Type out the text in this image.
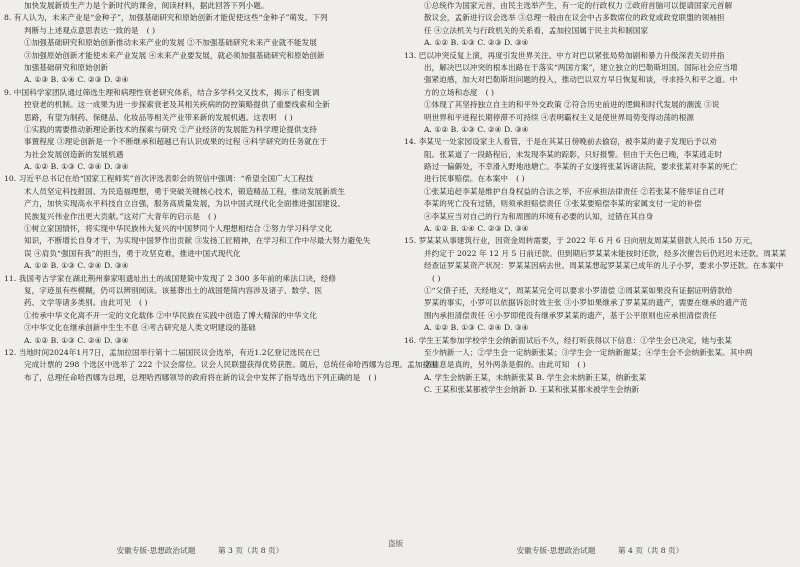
加快发展新质生产力是个新时代的课舍，阅读材料，据此回答下列小题。
8. 有人认为，未来产业是“金种子”，加强基础研究和原始创新才能促使这些“金种子”萌发。下列
判断与上述观点意思表达一致的是 ( )
①加强基础研究和原始创新推动未来产业的发展 ②不加强基础研究未来产业就不能发展
③加强原始创新才能使未来产业发展 ④未来产业要发展，就必须加强基础研究和原始创新
加强基础研究和原始创新
A. ①③ B. ①④ C. ②③ D. ②④
9. 中国科学家团队通过筛选生理和病理性衰老研究体系，结合多学科交叉技术，揭示了相变调
控衰老的机制。这一成果为进一步探索衰老及其相关疾病的防控策略提供了重要线索和全新
思路，有望为制药、保健品、化妆品等相关产业带来新的发展机遇。这表明 ( )
①实践的需要推动新理论新技术的探索与研究 ②产业经济的发展能为科学理论提供支持
事置程度 ③理论创新是一个不断继承和超越已有认识成果的过程 ④科学研究的任务就在于
为社会发展创造新的发展机遇
A. ①② B. ①③ C. ②④ D. ③④
10. 习近平总书记在给“国家工程师奖”首次评选表彰会的贺信中强调：“希望全国广大工程技
术人员坚定科技报国、为民造福理想，勇于突破关键核心技术，锻造精品工程，推动发展新质生
产力，加快实现高水平科技自立自强，服务高质量发展，为以中国式现代化全面推进强国建设、
民族复兴伟业作出更大贡献。”这对广大青年的启示是 ( )
①树立家国情怀，将实现中华民族伟大复兴的中国梦同个人理想相结合 ②努力学习科学文化
知识，不断增长自身才干，为实现中国梦作出贡献 ③发扬工匠精神，在学习和工作中尽最大努力避免失
误 ④肩负“强国有我”的担当，勇于攻坚克难，推进中国式现代化
A. ①② B. ①③ C. ②④ D. ③④
11. 我国考古学家在湖北荆州秦家咀遗址出土的战国楚简中发现了 2 300 多年前的乘法口诀，经修
复，字迹虽有些模糊，仍可以辨别阅读。该墓葬出土的战国楚简内容涉及诸子、数学、医
药、文学等诸多类别。由此可见 ( )
①传承中华文化离不开一定的文化载体 ②中华民族在实践中创造了博大精深的中华文化
③中华文化在继承创新中生生不息 ④考古研究是人类文明建设的基础
A. ①② B. ①③ C. ②④ D. ③④
12. 当地时间2024年1月7日，孟加拉国举行第十二届国民议会选举，有近1.2亿登记选民在已
完成计票的 298 个选区中选举了 222 个议会席位。议会人民联盟获得优势获胜。随后，总统任命哈西娜为总理。孟加拉国
布了，总理任命哈西娜为总理，总理哈西娜领导的政府将在新的议会中发挥了指导选出下列正确的是 ( )
安徽专版·思想政治试题	第 3 页（共 8 页）
盗版
①总统作为国家元首，由民主选举产生，有一定的行政权力 ②政府首脑可以提请国家元首解
散议会，孟新进行议会选举 ③总理一般由在议会中占多数席位的政党或政党联盟的领袖担
任 ④立法机关与行政机关的关系看，孟加拉国属于民主共和制国家
A. ①② B. ①③ C. ②③ D. ③④
13. 巴以冲突反复上演，再度引发世界关注。中方对巴以紧张局势加剧和暴力升级深表关切并指
出，解决巴以冲突的根本出路在于落实“两国方案”，建立独立的巴勒斯坦国。国际社会应当增
强紧迫感，加大对巴勒斯坦问题的投入，推动巴以双方早日恢复和谈，寻求持久和平之道。中
方的立场和态度 ( )
①体现了其坚持独立自主的和平外交政策 ②符合历史前进的逻辑和时代发展的潮流 ③说
明世界和平进程长期停滞不可持续 ④表明霸权主义是使世界局势变得动荡的根源
A. ①② B. ①③ C. ②④ D. ③④
14. 李某见一处家园设家主人看管，于是在其某日傍晚前去偷窃，被李某的妻子发现后予以劝
阻。张某道了一段路程后，未发现李某的踪影，只好报警。但由于天色已晚，李某逃走时
路过一偏僻处，不幸滑入野地池塘亡。李某的子女遂将张某诉诸法院，要求张某对李某的死亡
进行民事赔偿。在本案中 ( )
①张某追赶李某是维护自身权益的合法之举，不应承担法律责任 ②若张某不能举证自己对
李某的死亡没有过错，则须承担赔偿责任 ③张某要赔偿李某的家属支付一定的补偿
④李某应当对自己的行为和周围的环境有必要的认知，过错在其自身
A. ①② B. ①④ C. ②③ D. ③④
15. 罗某某从事建筑行业，因资金周转需要，于 2022 年 6 月 6 日向朋友周某某借款人民币 150 万元，
并约定于 2022 年 12 月 5 日前还款。但到期后罗某某未能按时还款，经多次催告后仍迟迟未还款。周某某
经查证罗某某资产状况：罗某某因病去世。周某某想起罗某某已成年的儿子小罗，要求小罗还款。在本案中
( )
①“父债子还，天经地义”，周某某完全可以要求小罗清偿 ②周某某如果没有证据证明借款给
罗某的事实，小罗可以依据诉讼时效主张 ③小罗如果继承了罗某某的遗产，需要在继承的遗产范
围内承担清偿责任 ④小罗即使没有继承罗某某的遗产，基于公平原则也应承担清偿责任
A. ①② B. ①③ C. ②④ D. ③④
16. 学生王某参加学校学生会纳新面试后不久，经打听获得以下信息：①学生会已决定，她与张某
至少纳新一人；②学生会一定纳新张某；③学生会一定纳新谢某；④学生会不会纳新张某。其中两
条信息是真的，另外两条是假的。由此可知 ( )
A. 学生会纳新王某，未纳新张某 B. 学生会未纳新王某，纳新张某
C. 王某和张某都被学生会纳新 D. 王某和张某都未被学生会纳新
安徽专版·思想政治试题	第 4 页（共 8 页）
